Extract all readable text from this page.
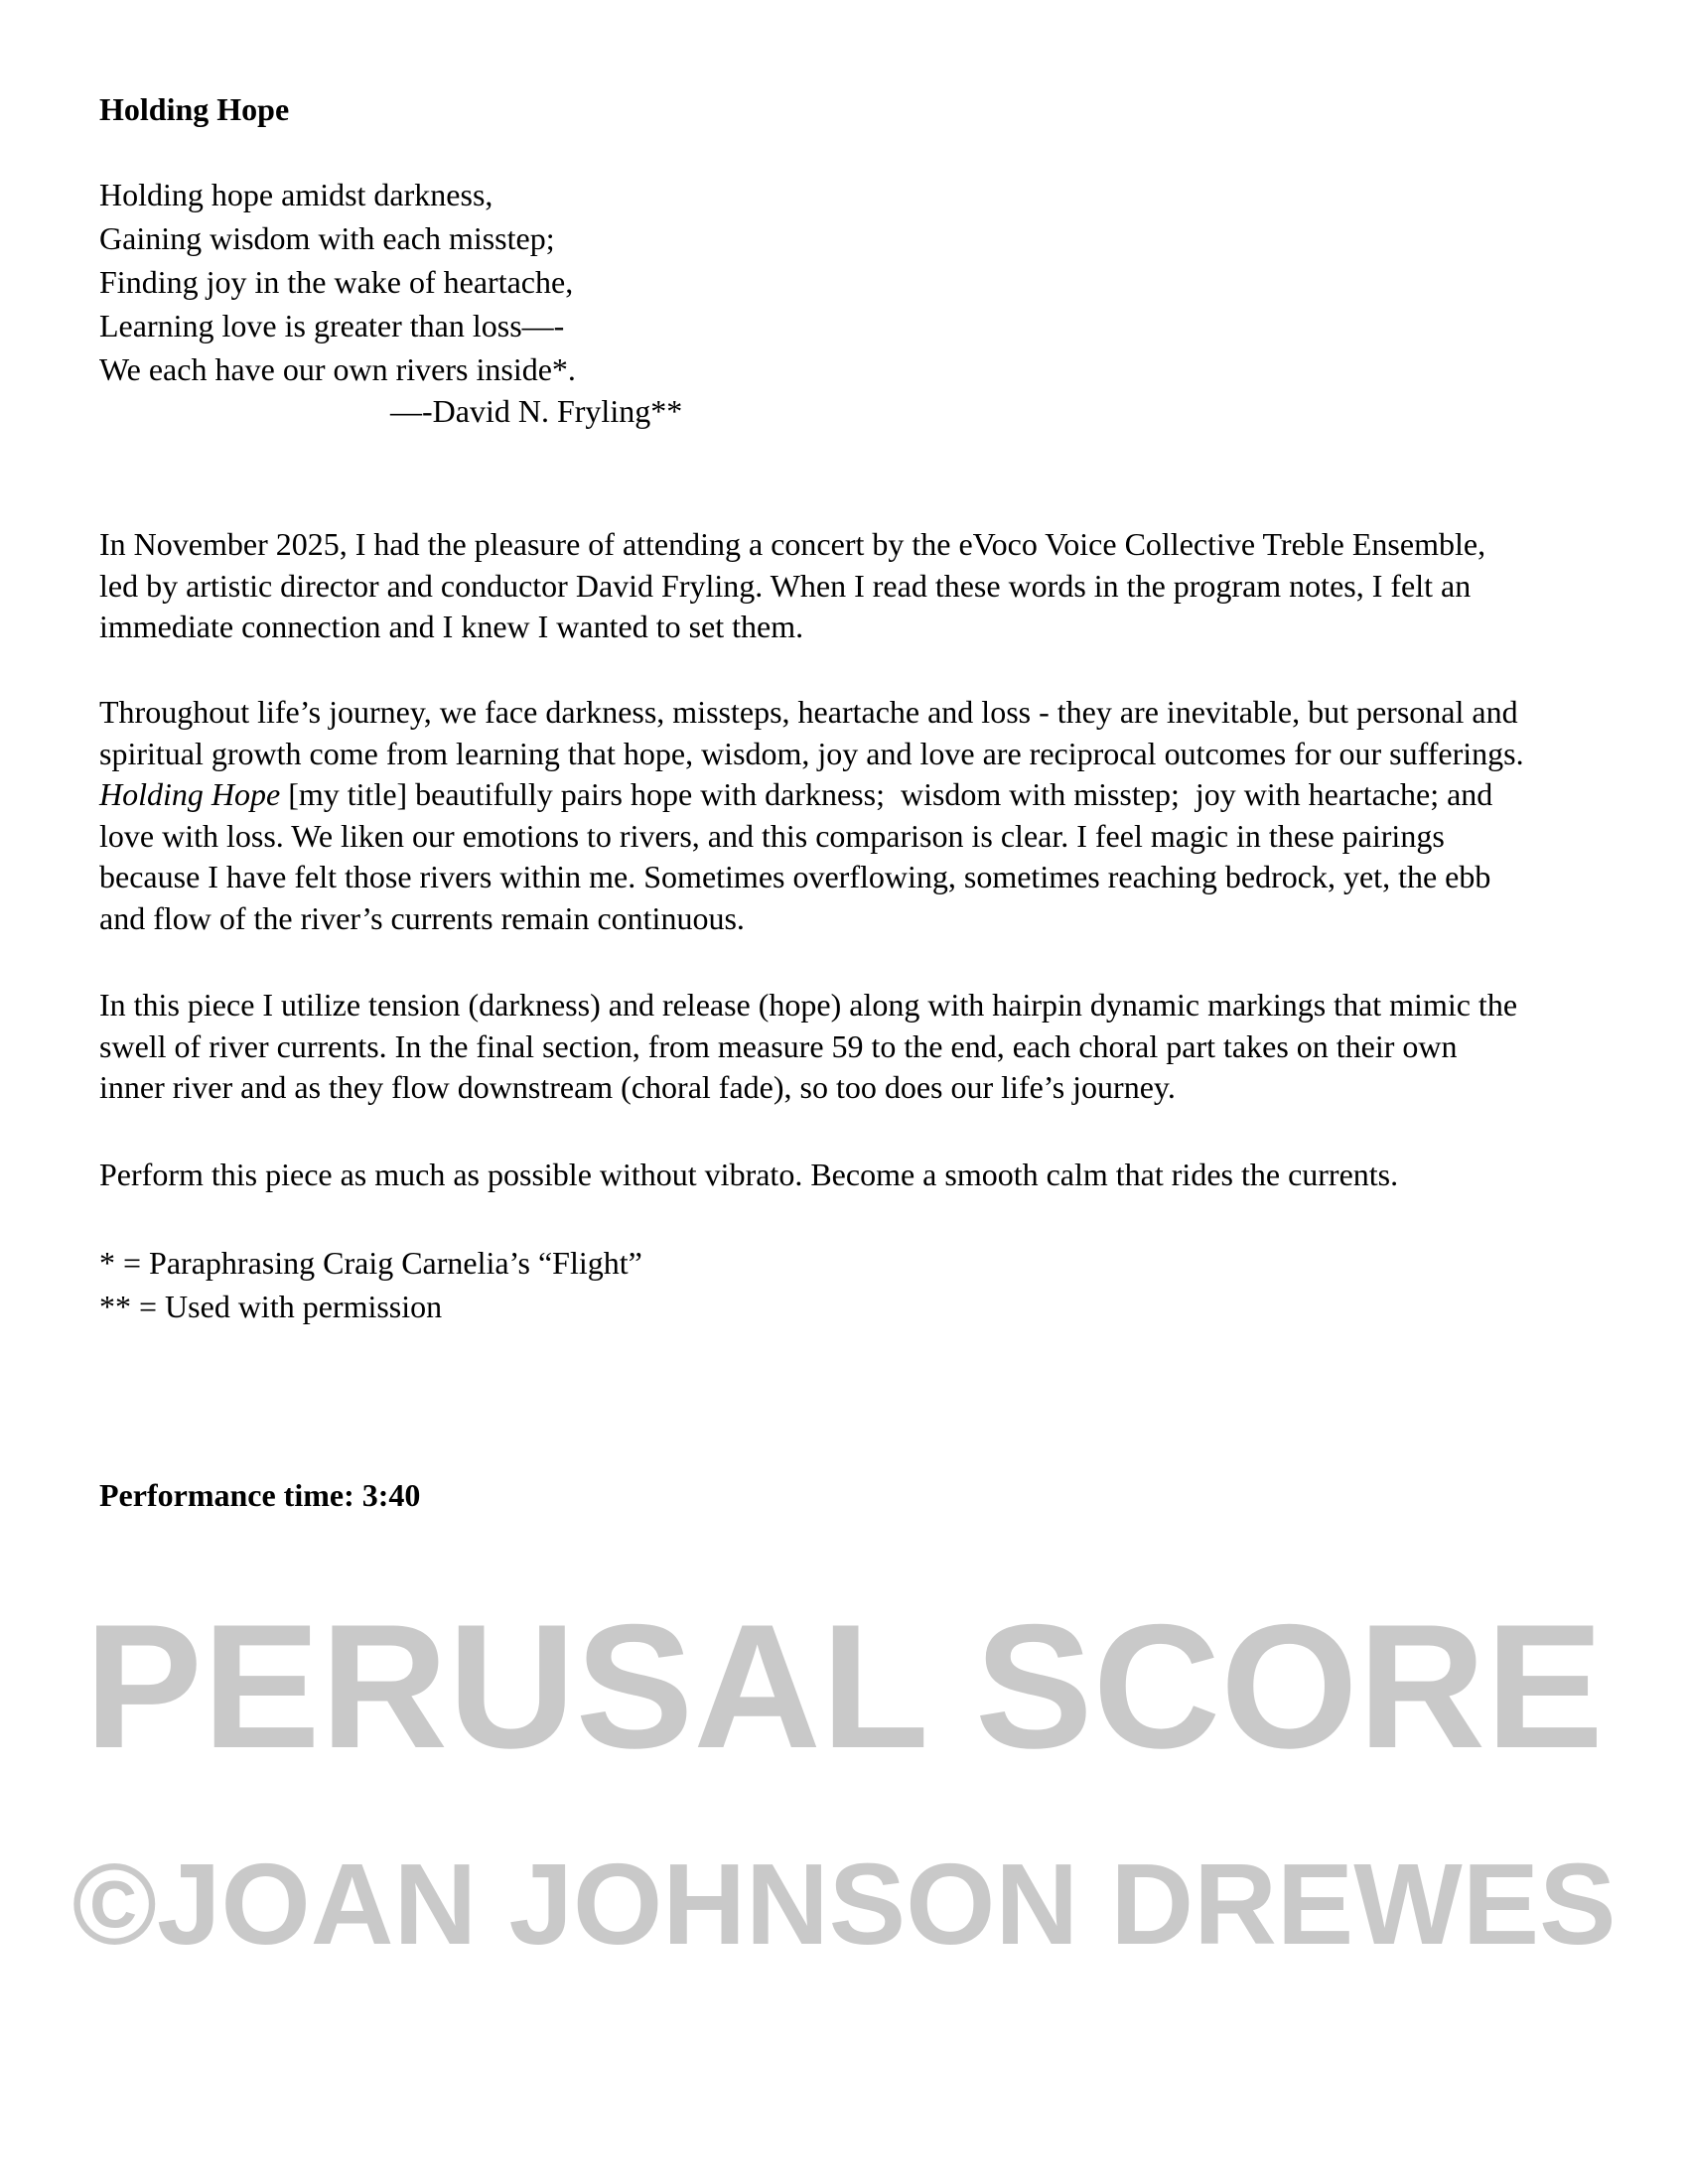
Holding Hope
Holding hope amidst darkness,
Gaining wisdom with each misstep;
Finding joy in the wake of heartache,
Learning love is greater than loss—-
We each have our own rivers inside*.
—-David N. Fryling**
In November 2025, I had the pleasure of attending a concert by the eVoco Voice Collective Treble Ensemble,
led by artistic director and conductor David Fryling. When I read these words in the program notes, I felt an
immediate connection and I knew I wanted to set them.
Throughout life’s journey, we face darkness, missteps, heartache and loss - they are inevitable, but personal and
spiritual growth come from learning that hope, wisdom, joy and love are reciprocal outcomes for our sufferings.
Holding Hope [my title] beautifully pairs hope with darkness;  wisdom with misstep;  joy with heartache; and
love with loss. We liken our emotions to rivers, and this comparison is clear. I feel magic in these pairings
because I have felt those rivers within me. Sometimes overflowing, sometimes reaching bedrock, yet, the ebb
and flow of the river’s currents remain continuous.
In this piece I utilize tension (darkness) and release (hope) along with hairpin dynamic markings that mimic the
swell of river currents. In the final section, from measure 59 to the end, each choral part takes on their own
inner river and as they flow downstream (choral fade), so too does our life’s journey.
Perform this piece as much as possible without vibrato. Become a smooth calm that rides the currents.
* = Paraphrasing Craig Carnelia’s “Flight”
** = Used with permission
Performance time: 3:40
PERUSAL SCORE
©JOAN JOHNSON DREWES
